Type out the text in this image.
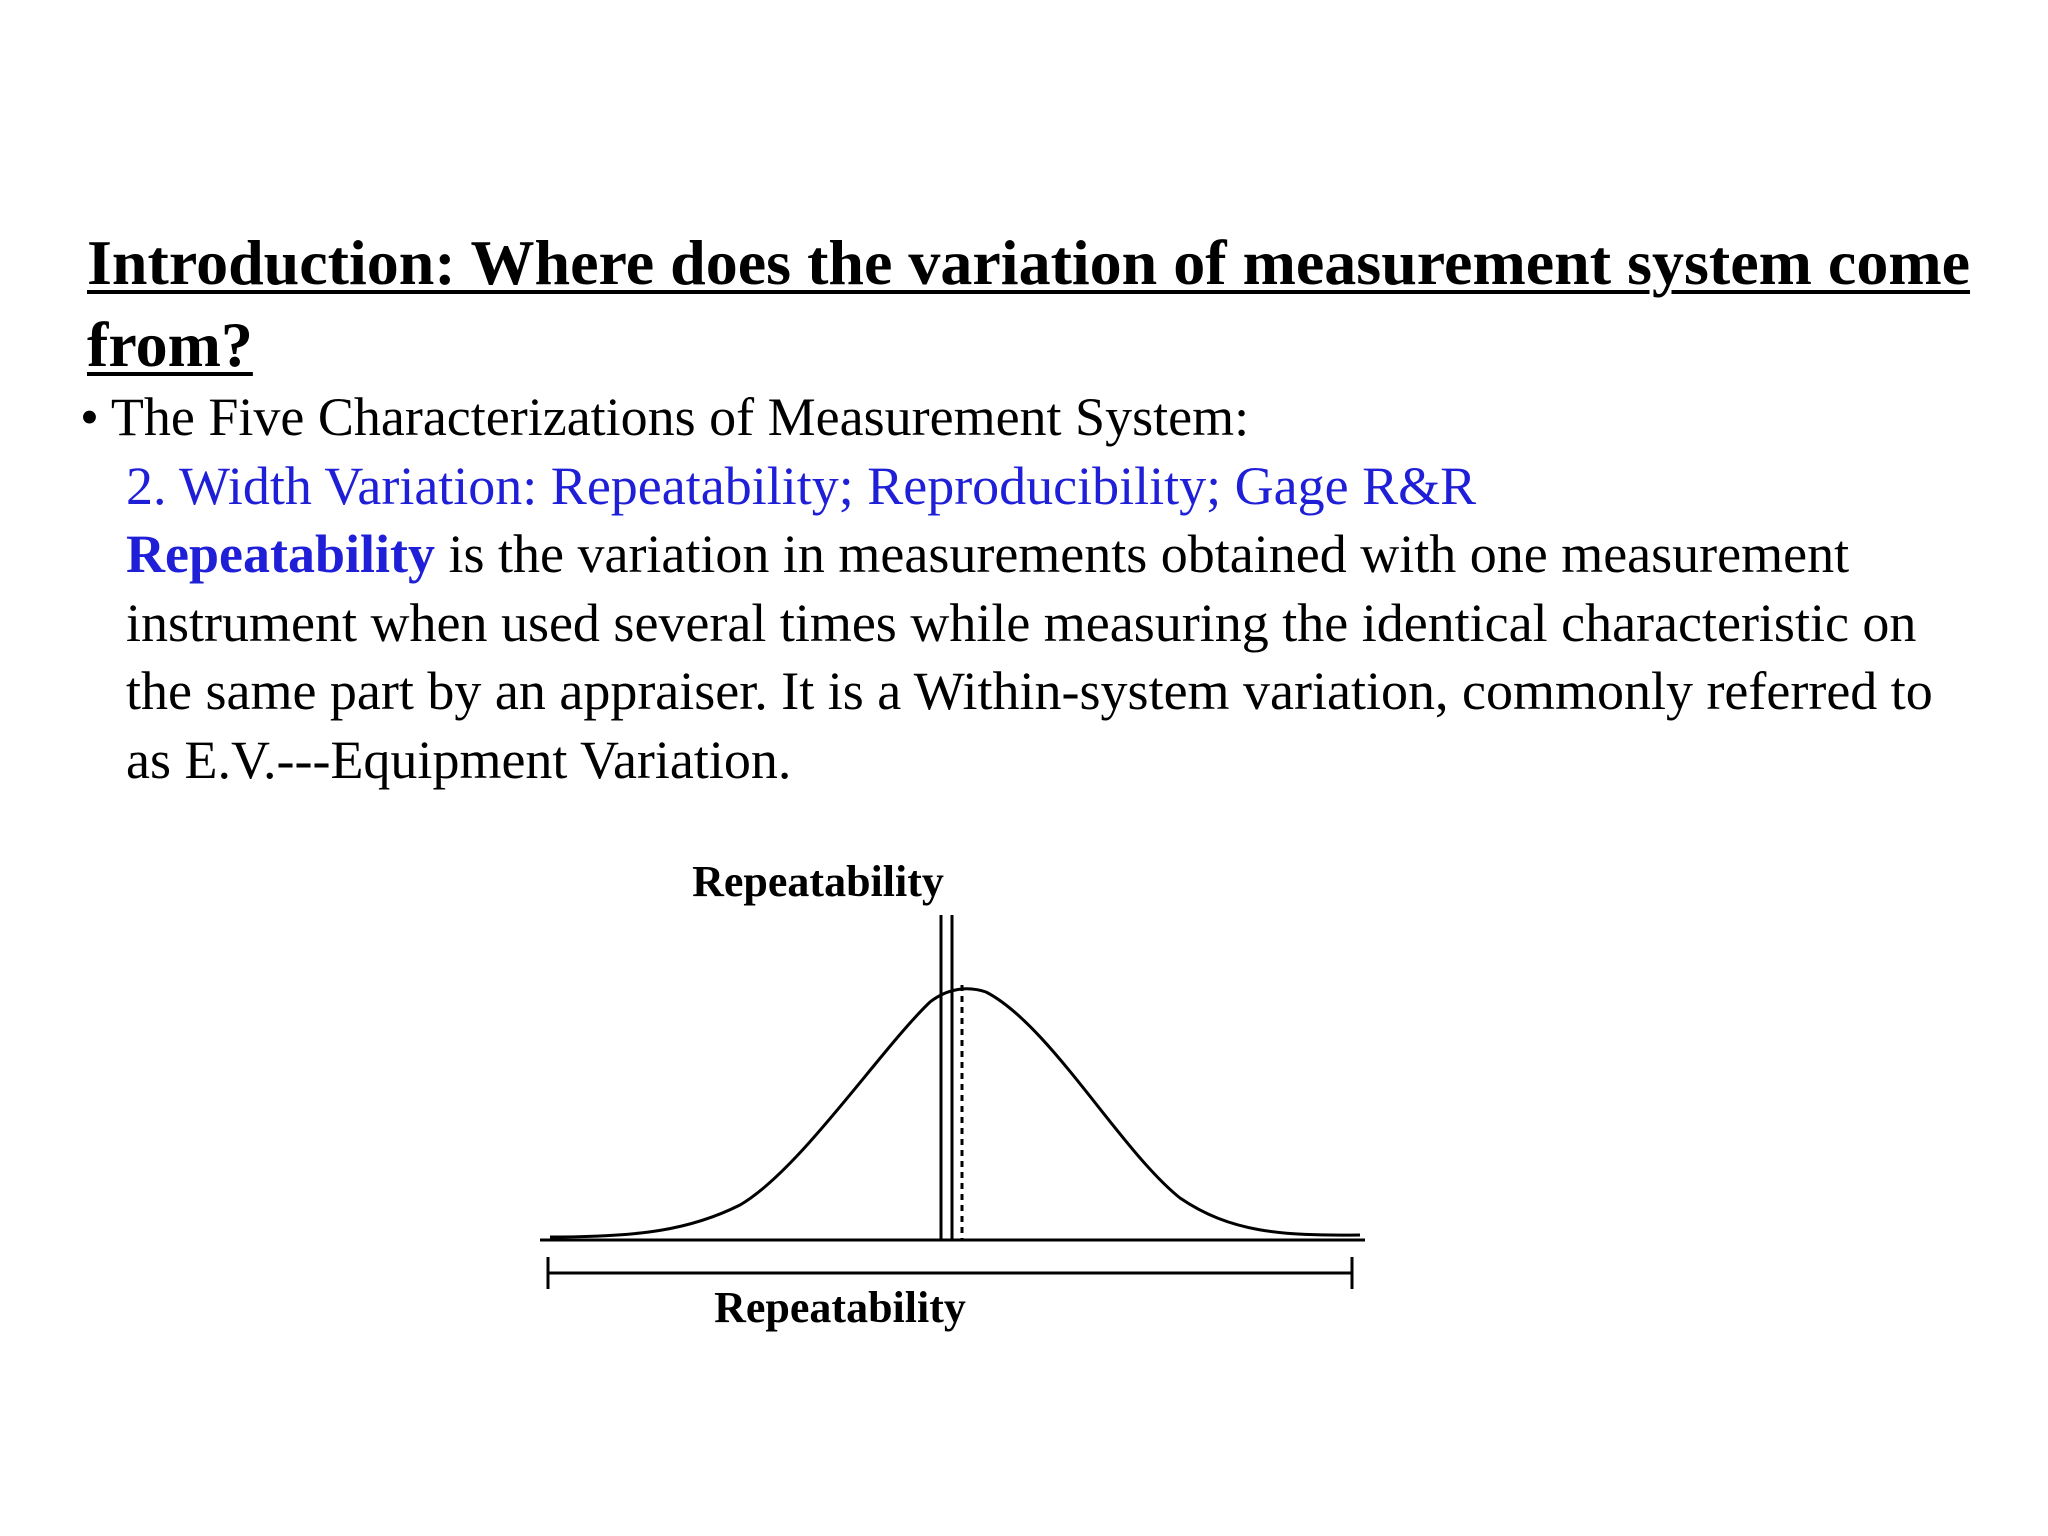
Introduction: Where does the variation of measurement system come from?
• The Five Characterizations of Measurement System:
2. Width Variation: Repeatability; Reproducibility; Gage R&R

Repeatability is the variation in measurements obtained with one measurement instrument when used several times while measuring the identical characteristic on the same part by an appraiser. It is a Within-system variation, commonly referred to as E.V.---Equipment Variation.

Repeatability
Repeatability
